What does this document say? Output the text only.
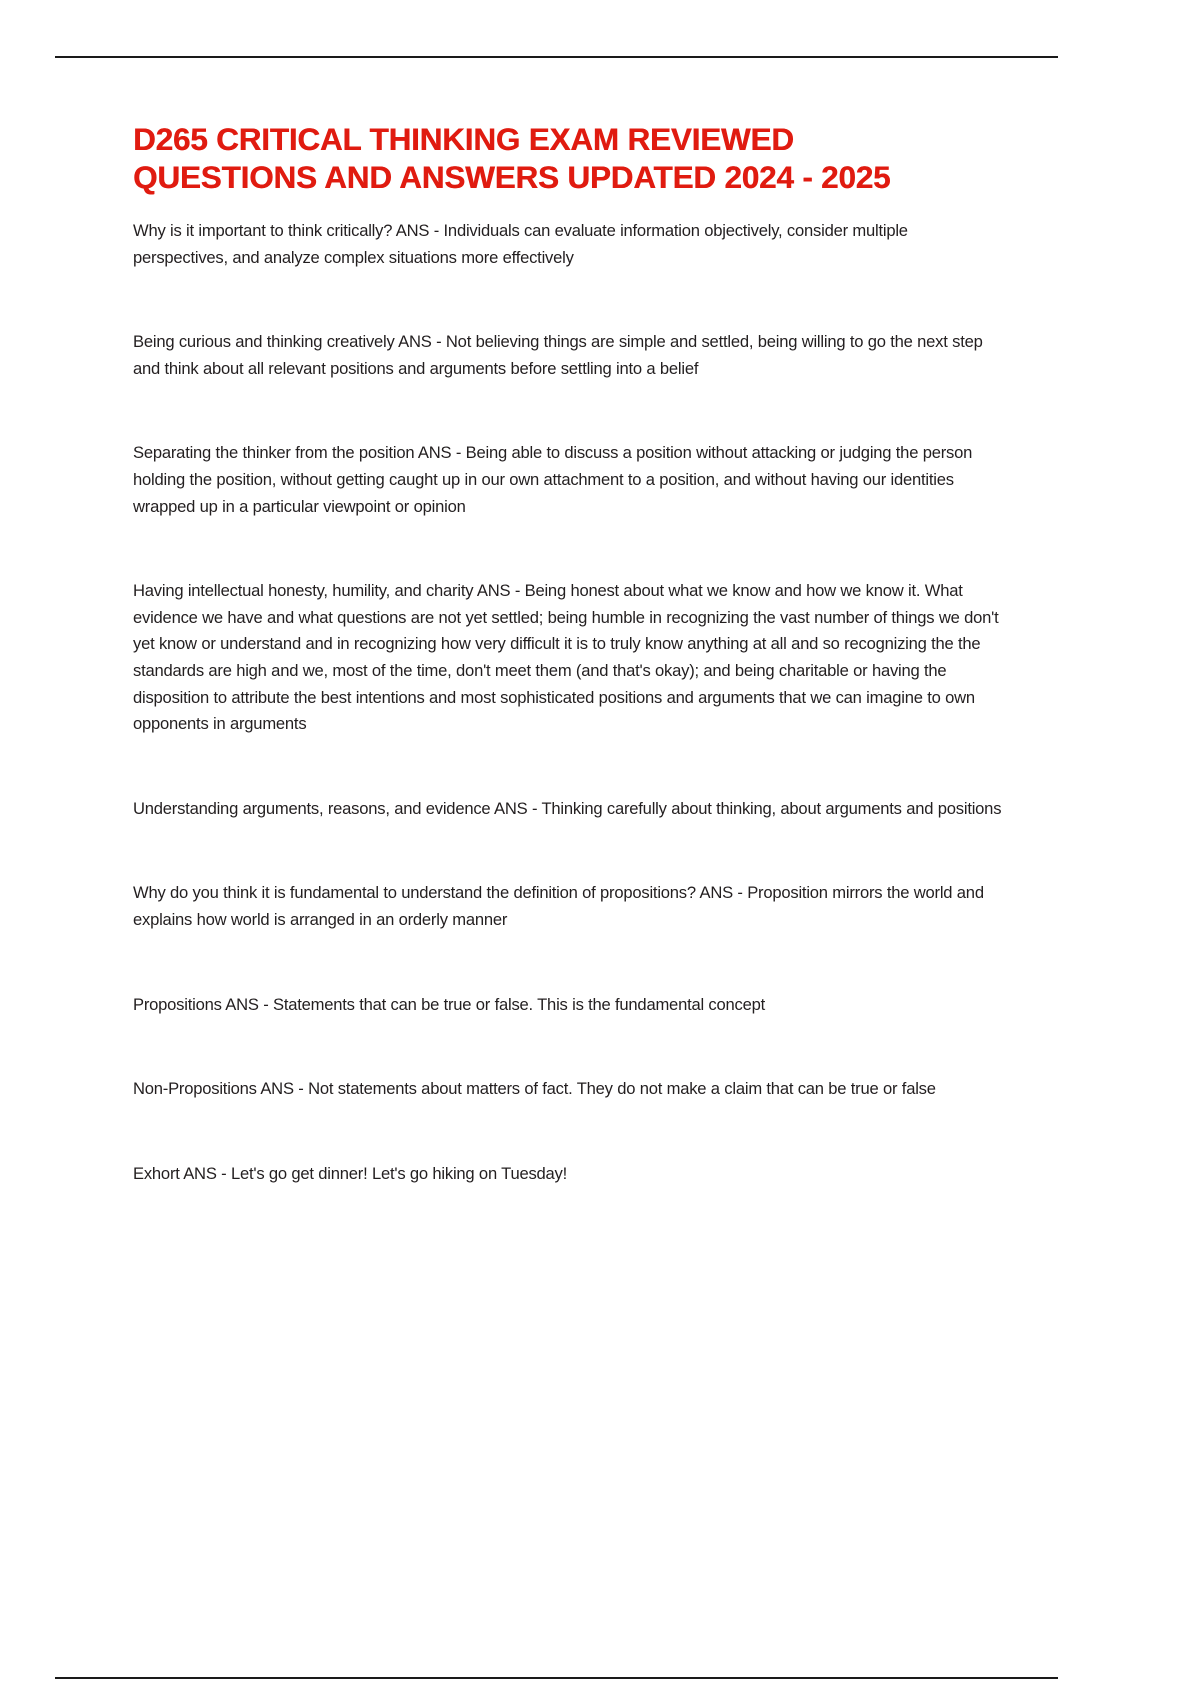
D265 CRITICAL THINKING EXAM REVIEWED
QUESTIONS AND ANSWERS UPDATED 2024 - 2025

Why is it important to think critically? ANS - Individuals can evaluate information objectively, consider multiple perspectives, and analyze complex situations more effectively

Being curious and thinking creatively ANS - Not believing things are simple and settled, being willing to go the next step and think about all relevant positions and arguments before settling into a belief

Separating the thinker from the position ANS - Being able to discuss a position without attacking or judging the person holding the position, without getting caught up in our own attachment to a position, and without having our identities wrapped up in a particular viewpoint or opinion

Having intellectual honesty, humility, and charity ANS - Being honest about what we know and how we know it. What evidence we have and what questions are not yet settled; being humble in recognizing the vast number of things we don't yet know or understand and in recognizing how very difficult it is to truly know anything at all and so recognizing the the standards are high and we, most of the time, don't meet them (and that's okay); and being charitable or having the disposition to attribute the best intentions and most sophisticated positions and arguments that we can imagine to own opponents in arguments

Understanding arguments, reasons, and evidence ANS - Thinking carefully about thinking, about arguments and positions

Why do you think it is fundamental to understand the definition of propositions? ANS - Proposition mirrors the world and explains how world is arranged in an orderly manner

Propositions ANS - Statements that can be true or false. This is the fundamental concept

Non-Propositions ANS - Not statements about matters of fact. They do not make a claim that can be true or false

Exhort ANS - Let's go get dinner! Let's go hiking on Tuesday!
